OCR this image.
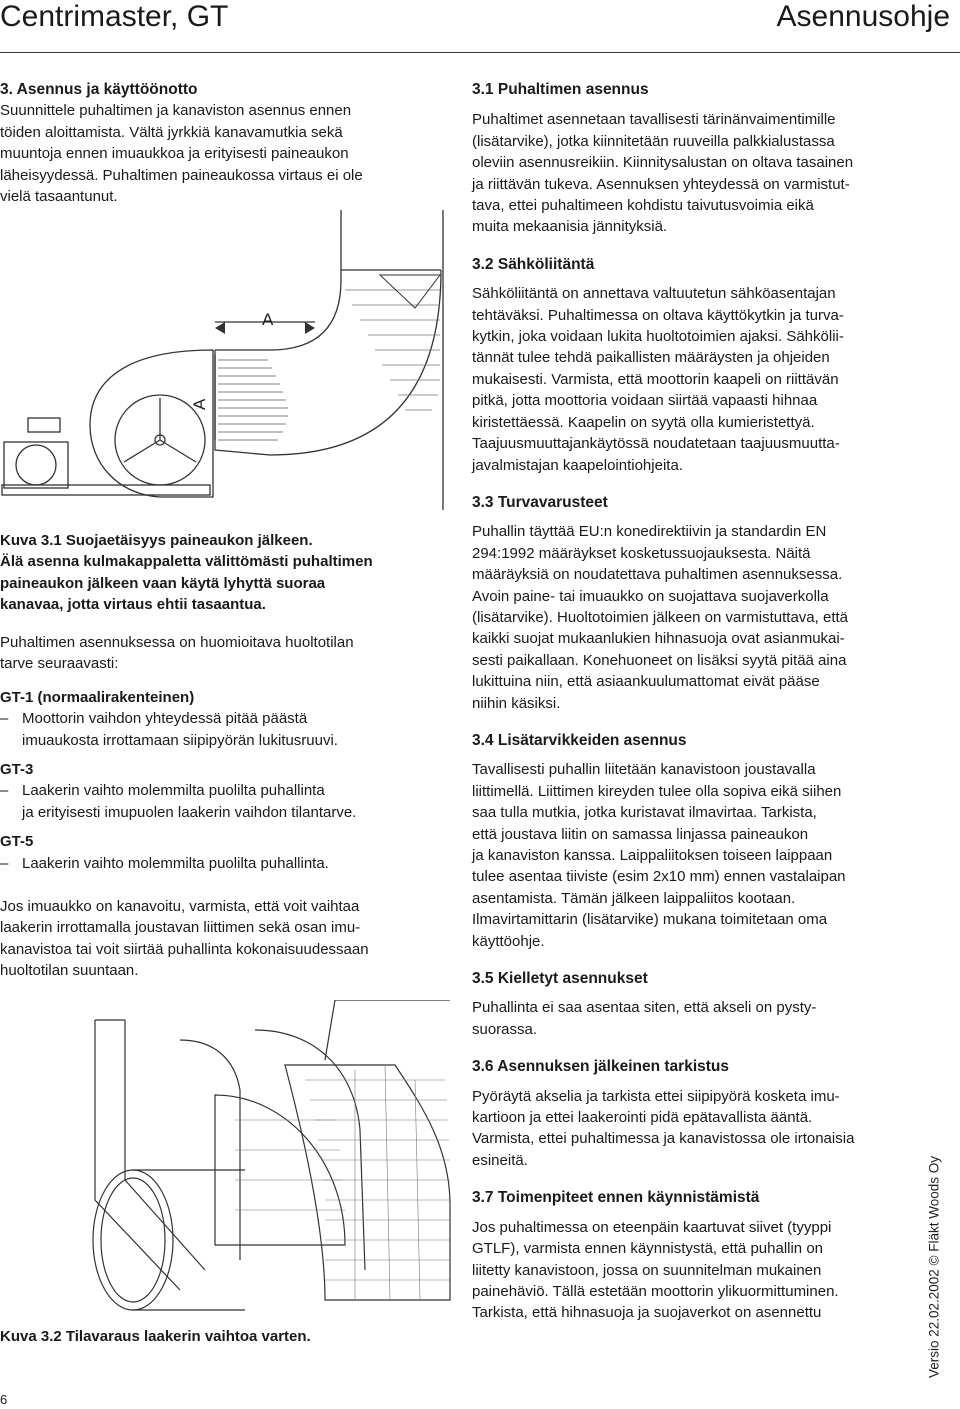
Centrimaster, GT	Asennusohje
3. Asennus ja käyttöönotto

Suunnittele puhaltimen ja kanaviston asennus ennen
töiden aloittamista. Vältä jyrkkiä kanavamutkia sekä
muuntoja ennen imuaukkoa ja erityisesti paineaukon
läheisyydessä. Puhaltimen paineaukossa virtaus ei ole
vielä tasaantunut.

A
A

Kuva 3.1 Suojaetäisyys paineaukon jälkeen.
Älä asenna kulmakappaletta välittömästi puhaltimen
paineaukon jälkeen vaan käytä lyhyttä suoraa
kanavaa, jotta virtaus ehtii tasaantua.

Puhaltimen asennuksessa on huomioitava huoltotilan
tarve seuraavasti:

GT-1 (normaalirakenteinen)

– Moottorin vaihdon yhteydessä pitää päästä
imuaukosta irrottamaan siipipyörän lukitusruuvi.

GT-3

– Laakerin vaihto molemmilta puolilta puhallinta
ja erityisesti imupuolen laakerin vaihdon tilantarve.

GT-5

– Laakerin vaihto molemmilta puolilta puhallinta.

Jos imuaukko on kanavoitu, varmista, että voit vaihtaa
laakerin irrottamalla joustavan liittimen sekä osan imu-
kanavistoa tai voit siirtää puhallinta kokonaisuudessaan
huoltotilan suuntaan.

Kuva 3.2 Tilavaraus laakerin vaihtoa varten.

3.1 Puhaltimen asennus

Puhaltimet asennetaan tavallisesti tärinänvaimentimille
(lisätarvike), jotka kiinnitetään ruuveilla palkkialustassa
oleviin asennusreikiin. Kiinnitysalustan on oltava tasainen
ja riittävän tukeva. Asennuksen yhteydessä on varmistut-
tava, ettei puhaltimeen kohdistu taivutusvoimia eikä
muita mekaanisia jännityksiä.

3.2 Sähköliitäntä

Sähköliitäntä on annettava valtuutetun sähköasentajan
tehtäväksi. Puhaltimessa on oltava käyttökytkin ja turva-
kytkin, joka voidaan lukita huoltotoimien ajaksi. Sähkölii-
tännät tulee tehdä paikallisten määräysten ja ohjeiden
mukaisesti. Varmista, että moottorin kaapeli on riittävän
pitkä, jotta moottoria voidaan siirtää vapaasti hihnaa
kiristettäessä. Kaapelin on syytä olla kumieristettyä.
Taajuusmuuttajankäytössä noudatetaan taajuusmuutta-
javalmistajan kaapelointiohjeita.

3.3 Turvavarusteet

Puhallin täyttää EU:n konedirektiivin ja standardin EN
294:1992 määräykset kosketussuojauksesta. Näitä
määräyksiä on noudatettava puhaltimen asennuksessa.
Avoin paine- tai imuaukko on suojattava suojaverkolla
(lisätarvike). Huoltotoimien jälkeen on varmistuttava, että
kaikki suojat mukaanlukien hihnasuoja ovat asianmukai-
sesti paikallaan. Konehuoneet on lisäksi syytä pitää aina
lukittuina niin, että asiaankuulumattomat eivät pääse
niihin käsiksi.

3.4 Lisätarvikkeiden asennus

Tavallisesti puhallin liitetään kanavistoon joustavalla
liittimellä. Liittimen kireyden tulee olla sopiva eikä siihen
saa tulla mutkia, jotka kuristavat ilmavirtaa. Tarkista,
että joustava liitin on samassa linjassa paineaukon
ja kanaviston kanssa. Laippaliitoksen toiseen laippaan
tulee asentaa tiiviste (esim 2x10 mm) ennen vastalaipan
asentamista. Tämän jälkeen laippaliitos kootaan.
Ilmavirtamittarin (lisätarvike) mukana toimitetaan oma
käyttöohje.

3.5 Kielletyt asennukset

Puhallinta ei saa asentaa siten, että akseli on pysty-
suorassa.

3.6 Asennuksen jälkeinen tarkistus

Pyöräytä akselia ja tarkista ettei siipipyörä kosketa imu-
kartioon ja ettei laakerointi pidä epätavallista ääntä.
Varmista, ettei puhaltimessa ja kanavistossa ole irtonaisia
esineitä.

3.7 Toimenpiteet ennen käynnistämistä

Jos puhaltimessa on eteenpäin kaartuvat siivet (tyyppi
GTLF), varmista ennen käynnistystä, että puhallin on
liitetty kanavistoon, jossa on suunnitelman mukainen
painehäviö. Tällä estetään moottorin ylikuormittuminen.
Tarkista, että hihnasuoja ja suojaverkot on asennettu	Versio 22.02.2002 © Fläkt Woods Oy
6
